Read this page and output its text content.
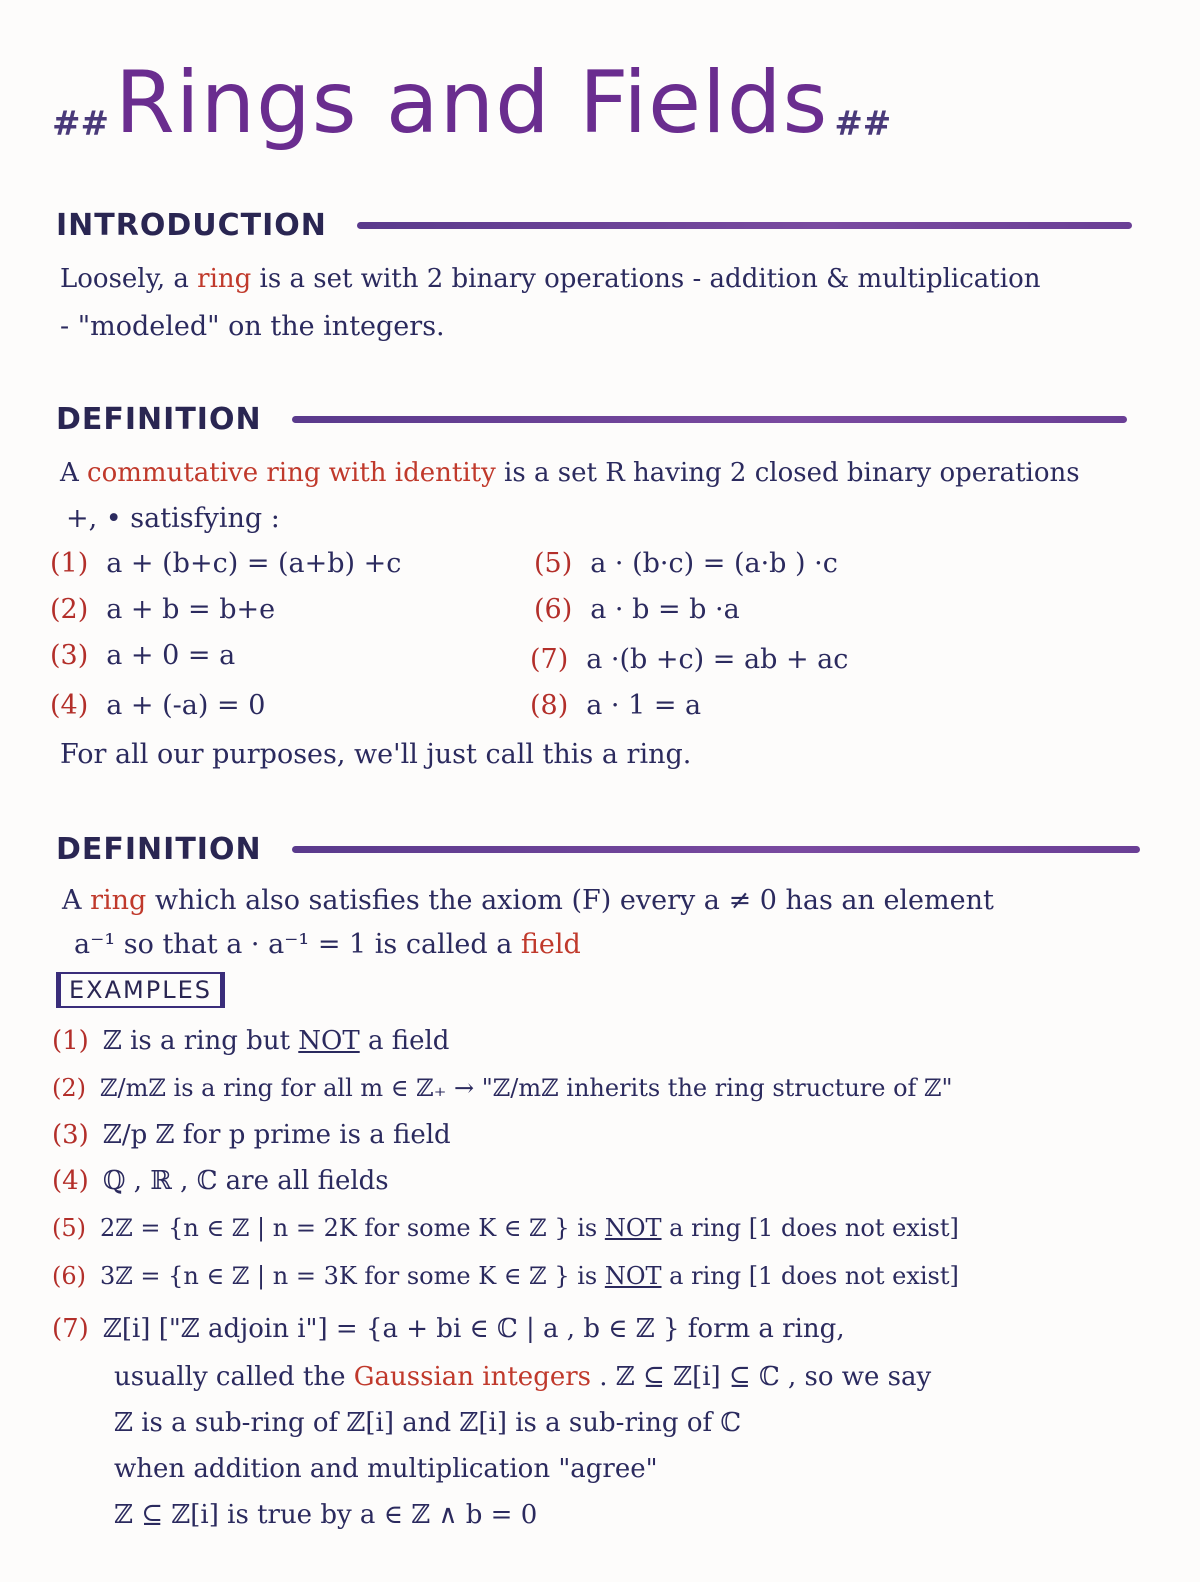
## Rings and Fields ##
INTRODUCTION
Loosely, a ring is a set with 2 binary operations - addition & multiplication
- "modeled" on the integers.
DEFINITION
A commutative ring with identity is a set R having 2 closed binary operations
+, • satisfying :
(1) a + (b+c) = (a+b) +c
(2) a + b = b+e
(3) a + 0 = a
(4) a + (-a) = 0
(5) a · (b·c) = (a·b ) ·c
(6) a · b = b ·a
(7) a ·(b +c) = ab + ac
(8) a · 1 = a
For all our purposes, we'll just call this a ring.
DEFINITION
A ring which also satisfies the axiom (F) every a ≠ 0 has an element
a⁻¹ so that a · a⁻¹ = 1 is called a field
EXAMPLES
(1) ℤ is a ring but NOT a field
(2) ℤ/mℤ is a ring for all m ∈ ℤ₊ → "ℤ/mℤ inherits the ring structure of ℤ"
(3) ℤ/p ℤ for p prime is a field
(4) ℚ , ℝ , ℂ are all fields
(5) 2ℤ = {n ∈ ℤ | n = 2K for some K ∈ ℤ } is NOT a ring [1 does not exist]
(6) 3ℤ = {n ∈ ℤ | n = 3K for some K ∈ ℤ } is NOT a ring [1 does not exist]
(7) ℤ[i] ["ℤ adjoin i"] = {a + bi ∈ ℂ | a , b ∈ ℤ } form a ring,
usually called the Gaussian integers . ℤ ⊆ ℤ[i] ⊆ ℂ , so we say
ℤ is a sub-ring of ℤ[i] and ℤ[i] is a sub-ring of ℂ
when addition and multiplication "agree"
ℤ ⊆ ℤ[i] is true by a ∈ ℤ ∧ b = 0
